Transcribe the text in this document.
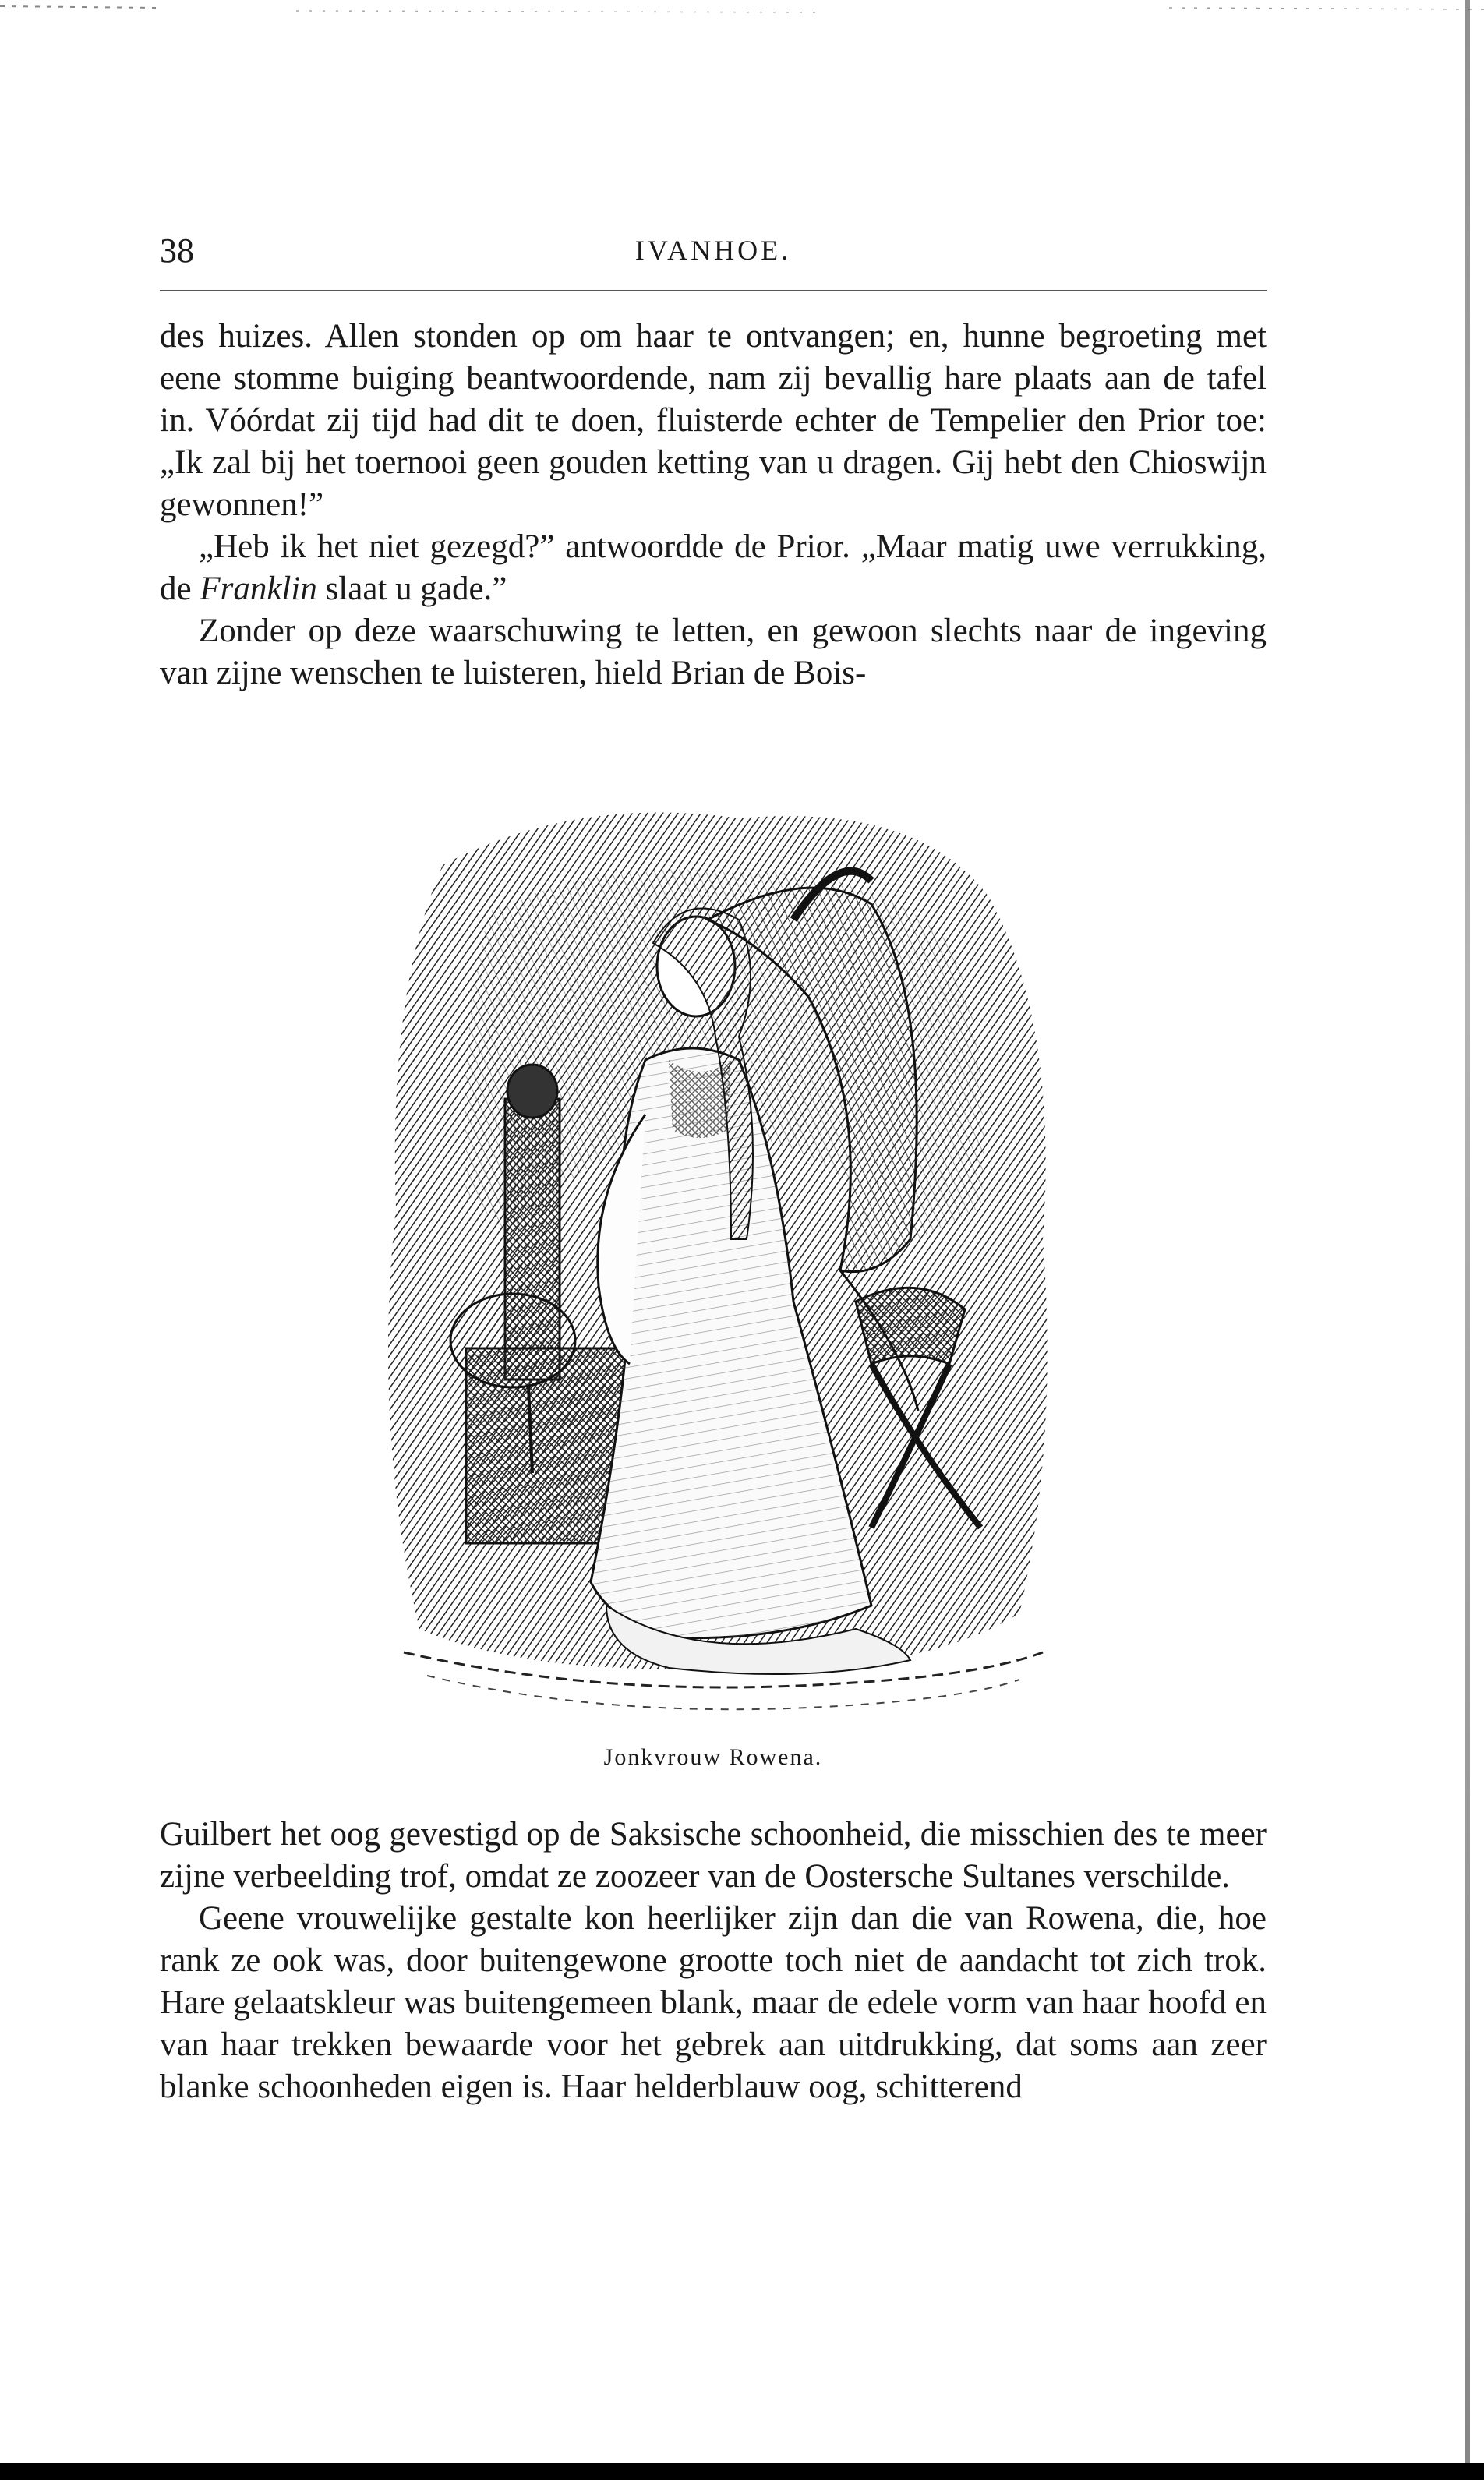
38	IVANHOE.

des huizes. Allen stonden op om haar te ontvangen; en, hunne begroeting met eene stomme buiging beantwoordende, nam zij bevallig hare plaats aan de tafel in. Vóórdat zij tijd had dit te doen, fluisterde echter de Tempelier den Prior toe: „Ik zal bij het toernooi geen gouden ketting van u dragen. Gij hebt den Chioswijn gewonnen!”

„Heb ik het niet gezegd?” antwoordde de Prior. „Maar matig uwe verrukking, de Franklin slaat u gade.”

Zonder op deze waarschuwing te letten, en gewoon slechts naar de ingeving van zijne wenschen te luisteren, hield Brian de Bois-

Jonkvrouw Rowena.

Guilbert het oog gevestigd op de Saksische schoonheid, die misschien des te meer zijne verbeelding trof, omdat ze zoozeer van de Oostersche Sultanes verschilde.

Geene vrouwelijke gestalte kon heerlijker zijn dan die van Rowena, die, hoe rank ze ook was, door buitengewone grootte toch niet de aandacht tot zich trok. Hare gelaatskleur was buitengemeen blank, maar de edele vorm van haar hoofd en van haar trekken bewaarde voor het gebrek aan uitdrukking, dat soms aan zeer blanke schoonheden eigen is. Haar helderblauw oog, schitterend
